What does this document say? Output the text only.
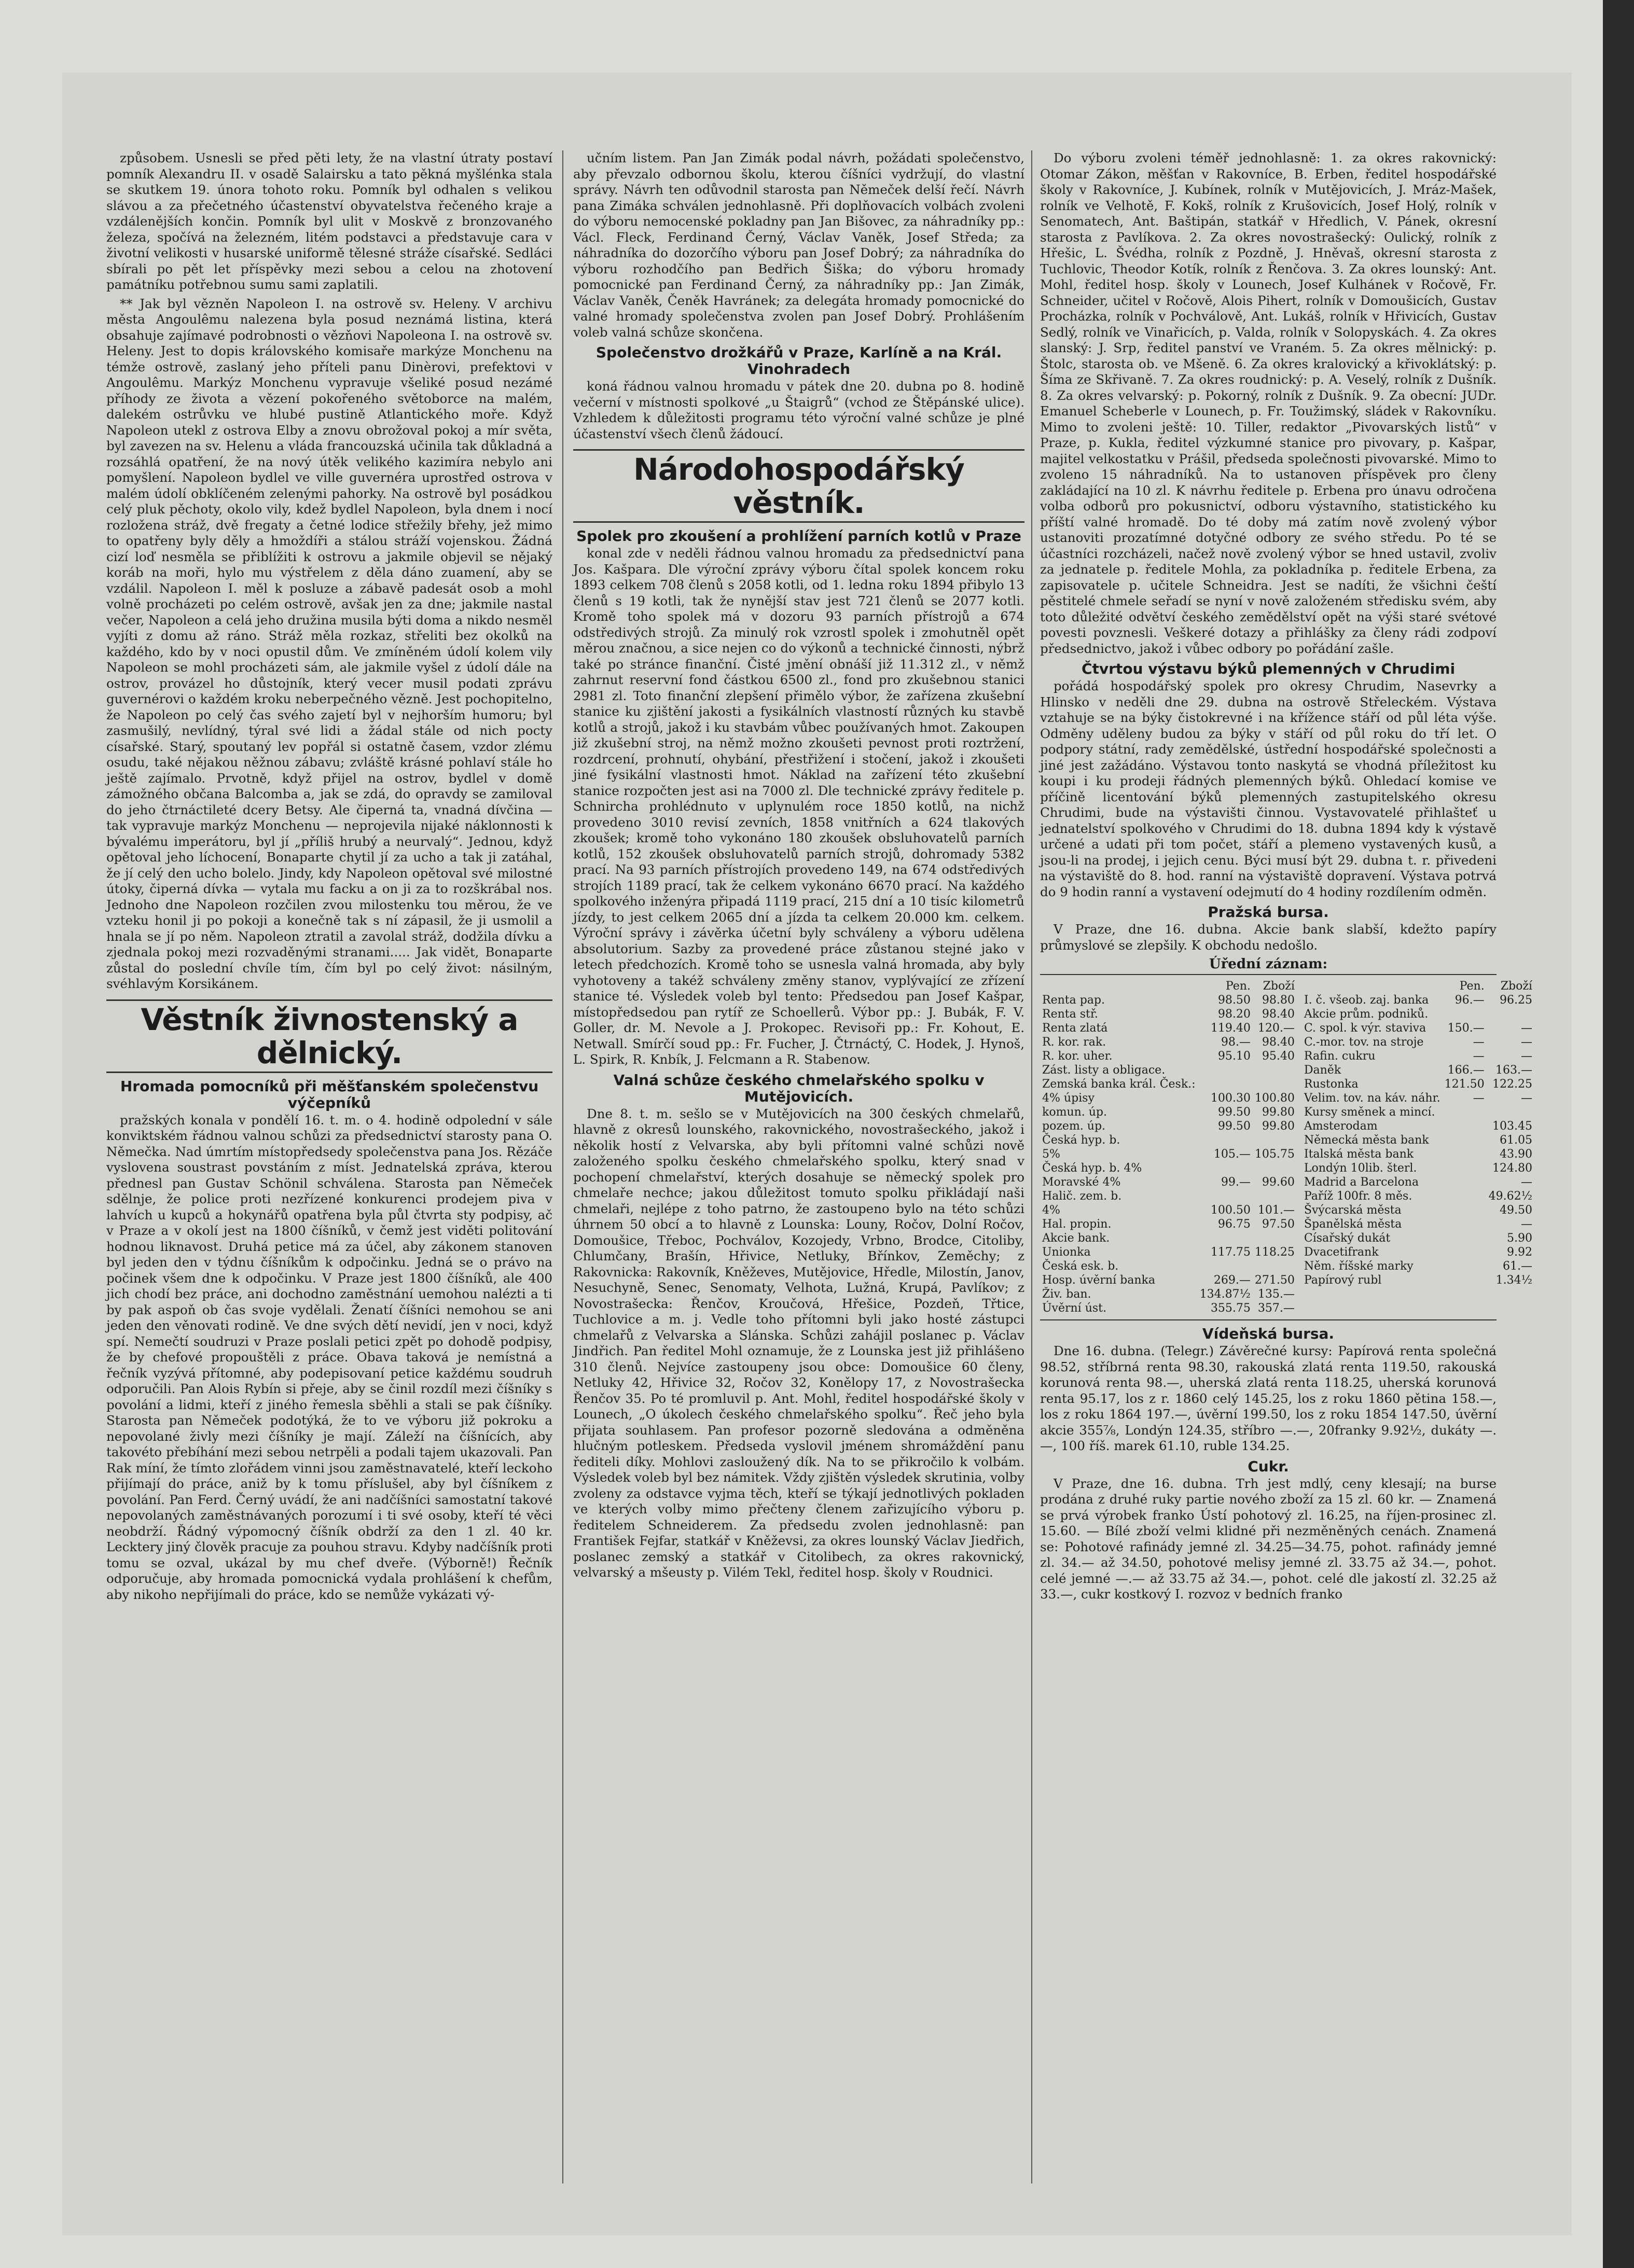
způsobem. Usnesli se před pěti lety, že na vlastní útraty postaví pomník Alexandru II. v osadě Salairsku a tato pěkná myšlénka stala se skutkem 19. února tohoto roku. Pomník byl odhalen s velikou slávou a za přečetného účastenství obyvatelstva řečeného kraje a vzdálenějších končin. Pomník byl ulit v Moskvě z bronzovaného železa, spočívá na železném, litém podstavci a představuje cara v životní velikosti v husarské uniformě tělesné stráže císařské. Sedláci sbírali po pět let příspěvky mezi sebou a celou na zhotovení památníku potřebnou sumu sami zaplatili.

** Jak byl vězněn Napoleon I. na ostrově sv. Heleny. V archivu města Angoulêmu nalezena byla posud neznámá listina, která obsahuje zajímavé podrobnosti o vězňovi Napoleona I. na ostrově sv. Heleny. Jest to dopis královského komisaře markýze Monchenu na témže ostrově, zaslaný jeho příteli panu Dinèrovi, prefektovi v Angoulêmu. Markýz Monchenu vypravuje všeliké posud nezámé příhody ze života a vězení pokořeného světoborce na malém, dalekém ostrůvku ve hlubé pustině Atlantického moře. Když Napoleon utekl z ostrova Elby a znovu obrožoval pokoj a mír světa, byl zavezen na sv. Helenu a vláda francouzská učinila tak důkladná a rozsáhlá opatření, že na nový útěk velikého kazimíra nebylo ani pomyšlení. Napoleon bydlel ve ville guvernéra uprostřed ostrova v malém údolí obklíčeném zelenými pahorky. Na ostrově byl posádkou celý pluk pěchoty, okolo vily, kdež bydlel Napoleon, byla dnem i nocí rozložena stráž, dvě fregaty a četné lodice střežily břehy, jež mimo to opatřeny byly děly a hmoždíři a stálou stráží vojenskou. Žádná cizí loď nesměla se přiblížiti k ostrovu a jakmile objevil se nějaký koráb na moři, hylo mu výstřelem z děla dáno zuamení, aby se vzdálil. Napoleon I. měl k posluze a zábavě padesát osob a mohl volně procházeti po celém ostrově, avšak jen za dne; jakmile nastal večer, Napoleon a celá jeho družina musila býti doma a nikdo nesměl vyjíti z domu až ráno. Stráž měla rozkaz, střeliti bez okolků na každého, kdo by v noci opustil dům. Ve zmíněném údolí kolem vily Napoleon se mohl procházeti sám, ale jakmile vyšel z údolí dále na ostrov, provázel ho důstojník, který vecer musil podati zprávu guvernérovi o každém kroku neberpečného vězně. Jest pochopitelno, že Napoleon po celý čas svého zajetí byl v nejhorším humoru; byl zasmušilý, nevlídný, týral své lidi a žádal stále od nich pocty císařské. Starý, spoutaný lev popřál si ostatně časem, vzdor zlému osudu, také nějakou něžnou zábavu; zvláště krásné pohlaví stále ho ještě zajímalo. Prvotně, když přijel na ostrov, bydlel v domě zámožného občana Balcomba a, jak se zdá, do opravdy se zamiloval do jeho čtrnáctileté dcery Betsy. Ale čiperná ta, vnadná dívčina — tak vypravuje markýz Monchenu — neprojevila nijaké náklonnosti k bývalému imperátoru, byl jí „příliš hrubý a neurvalý“. Jednou, když opětoval jeho líchocení, Bonaparte chytil jí za ucho a tak ji zatáhal, že jí celý den ucho bolelo. Jindy, kdy Napoleon opětoval své milostné útoky, čiperná dívka — vytala mu facku a on ji za to rozškrábal nos. Jednoho dne Napoleon rozčilen zvou milostenku tou měrou, že ve vzteku honil ji po pokoji a konečně tak s ní zápasil, že ji usmolil a hnala se jí po něm. Napoleon ztratil a zavolal stráž, dodžila dívku a zjednala pokoj mezi rozvaděnými stranami..... Jak vidět, Bonaparte zůstal do poslední chvíle tím, čím byl po celý život: násilným, svéhlavým Korsikánem.

Věstník živnostenský a dělnický.
Hromada pomocníků při měšťanském společenstvu výčepníků

pražských konala v pondělí 16. t. m. o 4. hodině odpolední v sále konviktském řádnou valnou schůzi za předsednictví starosty pana O. Němečka. Nad úmrtím místopředsedy společenstva pana Jos. Rězáče vyslovena soustrast povstáním z míst. Jednatelská zpráva, kterou přednesl pan Gustav Schönil schválena. Starosta pan Němeček sdělnje, že police proti nezřízené konkurenci prodejem piva v lahvích u kupců a hokynářů opatřena byla půl čtvrta sty podpisy, ač v Praze a v okolí jest na 1800 číšníků, v čemž jest viděti politování hodnou liknavost. Druhá petice má za účel, aby zákonem stanoven byl jeden den v týdnu číšníkům k odpočinku. Jedná se o právo na počinek všem dne k odpočinku. V Praze jest 1800 číšníků, ale 400 jich chodí bez práce, ani dochodno zaměstnání uemohou nalézti a ti by pak aspoň ob čas svoje vydělali. Ženatí číšníci nemohou se ani jeden den věnovati rodině. Ve dne svých dětí nevidí, jen v noci, když spí. Nemečtí soudruzi v Praze poslali petici zpět po dohodě podpisy, že by chefové propouštěli z práce. Obava taková je nemístná a řečník vyzývá přítomné, aby podepisovaní petice každému soudruh odporučili. Pan Alois Rybín si přeje, aby se činil rozdíl mezi číšníky s povolání a lidmi, kteří z jiného řemesla sběhli a stali se pak číšníky. Starosta pan Němeček podotýká, že to ve výboru již pokroku a nepovolané živly mezi číšníky je mají. Záleží na číšnících, aby takovéto přebíhání mezi sebou netrpěli a podali tajem ukazovali. Pan Rak míní, že tímto zlořádem vinni jsou zaměstnavatelé, kteří leckoho přijímají do práce, aniž by k tomu příslušel, aby byl číšníkem z povolání. Pan Ferd. Černý uvádí, že ani nadčíšníci samostatní takové nepovolaných zaměstnávaných porozumí i ti své osoby, kteří té věci neobdrží. Řádný výpomocný číšník obdrží za den 1 zl. 40 kr. Lecktery jiný člověk pracuje za pouhou stravu. Kdyby nadčíšník proti tomu se ozval, ukázal by mu chef dveře. (Výborně!) Řečník odporučuje, aby hromada pomocnická vydala prohlášení k chefům, aby nikoho nepřijímali do práce, kdo se nemůže vykázati vý-

učním listem. Pan Jan Zimák podal návrh, požádati společenstvo, aby převzalo odbornou školu, kterou číšníci vydržují, do vlastní správy. Návrh ten odůvodnil starosta pan Němeček delší řečí. Návrh pana Zimáka schválen jednohlasně. Při doplňovacích volbách zvoleni do výboru nemocenské pokladny pan Jan Bišovec, za náhradníky pp.: Václ. Fleck, Ferdinand Černý, Václav Vaněk, Josef Středa; za náhradníka do dozorčího výboru pan Josef Dobrý; za náhradníka do výboru rozhodčího pan Bedřich Šiška; do výboru hromady pomocnické pan Ferdinand Černý, za náhradníky pp.: Jan Zimák, Václav Vaněk, Čeněk Havránek; za delegáta hromady pomocnické do valné hromady společenstva zvolen pan Josef Dobrý. Prohlášením voleb valná schůze skončena.

Společenstvo drožkářů v Praze, Karlíně a na Král. Vinohradech

koná řádnou valnou hromadu v pátek dne 20. dubna po 8. hodině večerní v místnosti spolkové „u Štaigrů“ (vchod ze Štěpánské ulice). Vzhledem k důležitosti programu této výroční valné schůze je plné účastenství všech členů žádoucí.

Národohospodářský věstník.
Spolek pro zkoušení a prohlížení parních kotlů v Praze

konal zde v neděli řádnou valnou hromadu za předsednictví pana Jos. Kašpara. Dle výroční zprávy výboru čítal spolek koncem roku 1893 celkem 708 členů s 2058 kotli, od 1. ledna roku 1894 přibylo 13 členů s 19 kotli, tak že nynější stav jest 721 členů se 2077 kotli. Kromě toho spolek má v dozoru 93 parních přístrojů a 674 odstředivých strojů. Za minulý rok vzrostl spolek i zmohutněl opět měrou značnou, a sice nejen co do výkonů a technické činnosti, nýbrž také po stránce finanční. Čisté jmění obnáší již 11.312 zl., v němž zahrnut reservní fond částkou 6500 zl., fond pro zkušebnou stanici 2981 zl. Toto finanční zlepšení přimělo výbor, že zařízena zkušební stanice ku zjištění jakosti a fysikálních vlastností různých ku stavbě kotlů a strojů, jakož i ku stavbám vůbec používaných hmot. Zakoupen již zkušební stroj, na němž možno zkoušeti pevnost proti roztržení, rozdrcení, prohnutí, ohybání, přestřižení i stočení, jakož i zkoušeti jiné fysikální vlastnosti hmot. Náklad na zařízení této zkušební stanice rozpočten jest asi na 7000 zl. Dle technické zprávy ředitele p. Schnircha prohlédnuto v uplynulém roce 1850 kotlů, na nichž provedeno 3010 revisí zevních, 1858 vnitřních a 624 tlakových zkoušek; kromě toho vykonáno 180 zkoušek obsluhovatelů parních kotlů, 152 zkoušek obsluhovatelů parních strojů, dohromady 5382 prací. Na 93 parních přístrojích provedeno 149, na 674 odstředivých strojích 1189 prací, tak že celkem vykonáno 6670 prací. Na každého spolkového inženýra připadá 1119 prací, 215 dní a 10 tisíc kilometrů jízdy, to jest celkem 2065 dní a jízda ta celkem 20.000 km. celkem. Výroční správy i závěrka účetní byly schváleny a výboru udělena absolutorium. Sazby za provedené práce zůstanou stejné jako v letech předchozích. Kromě toho se usnesla valná hromada, aby byly vyhotoveny a takéž schváleny změny stanov, vyplývající ze zřízení stanice té. Výsledek voleb byl tento: Předsedou pan Josef Kašpar, místopředsedou pan rytíř ze Schoellerů. Výbor pp.: J. Bubák, F. V. Goller, dr. M. Nevole a J. Prokopec. Revisoři pp.: Fr. Kohout, E. Netwall. Smírčí soud pp.: Fr. Fucher, J. Čtrnáctý, C. Hodek, J. Hynoš, L. Spirk, R. Knbík, J. Felcmann a R. Stabenow.

Valná schůze českého chmelařského spolku v Mutějovicích.

Dne 8. t. m. sešlo se v Mutějovicích na 300 českých chmelařů, hlavně z okresů lounského, rakovnického, novostrašeckého, jakož i několik hostí z Velvarska, aby byli přítomni valné schůzi nově založeného spolku českého chmelařského spolku, který snad v pochopení chmelařství, kterých dosahuje se německý spolek pro chmelaře nechce; jakou důležitost tomuto spolku přikládají naši chmelaři, nejlépe z toho patrno, že zastoupeno bylo na této schůzi úhrnem 50 obcí a to hlavně z Lounska: Louny, Ročov, Dolní Ročov, Domoušice, Třeboc, Pochválov, Kozojedy, Vrbno, Brodce, Citoliby, Chlumčany, Brašín, Hřivice, Netluky, Břínkov, Zeměchy; z Rakovnicka: Rakovník, Kněževes, Mutějovice, Hředle, Milostín, Janov, Nesuchyně, Senec, Senomaty, Velhota, Lužná, Krupá, Pavlíkov; z Novostrašecka: Řenčov, Kroučová, Hřešice, Pozdeň, Třtice, Tuchlovice a m. j. Vedle toho přítomni byli jako hosté zástupci chmelařů z Velvarska a Slánska. Schůzi zahájil poslanec p. Václav Jindřich. Pan ředitel Mohl oznamuje, že z Lounska jest již přihlášeno 310 členů. Nejvíce zastoupeny jsou obce: Domoušice 60 členy, Netluky 42, Hřivice 32, Ročov 32, Konělopy 17, z Novostrašecka Řenčov 35. Po té promluvil p. Ant. Mohl, ředitel hospodářské školy v Lounech, „O úkolech českého chmelařského spolku“. Řeč jeho byla přijata souhlasem. Pan profesor pozorně sledována a odměněna hlučným potleskem. Předseda vyslovil jménem shromáždění panu řediteli díky. Mohlovi zasloužený dík. Na to se přikročilo k volbám. Výsledek voleb byl bez námitek. Vždy zjištěn výsledek skrutinia, volby zvoleny za odstavce vyjma těch, kteří se týkají jednotlivých pokladen ve kterých volby mimo přečteny členem zařizujícího výboru p. ředitelem Schneiderem. Za předsedu zvolen jednohlasně: pan František Fejfar, statkář v Kněževsi, za okres lounský Václav Jiedřich, poslanec zemský a statkář v Citolibech, za okres rakovnický, velvarský a mšeusty p. Vilém Tekl, ředitel hosp. školy v Roudnici.

Do výboru zvoleni téměř jednohlasně: 1. za okres rakovnický: Otomar Zákon, měšťan v Rakovníce, B. Erben, ředitel hospodářské školy v Rakovníce, J. Kubínek, rolník v Mutějovicích, J. Mráz-Mašek, rolník ve Velhotě, F. Kokš, rolník z Krušovicích, Josef Holý, rolník v Senomatech, Ant. Baštipán, statkář v Hředlich, V. Pánek, okresní starosta z Pavlíkova. 2. Za okres novostrašecký: Oulický, rolník z Hřešic, L. Švédha, rolník z Pozdně, J. Hněvaš, okresní starosta z Tuchlovic, Theodor Kotík, rolník z Řenčova. 3. Za okres lounský: Ant. Mohl, ředitel hosp. školy v Lounech, Josef Kulhánek v Ročově, Fr. Schneider, učitel v Ročově, Alois Pihert, rolník v Domoušicích, Gustav Procházka, rolník v Pochválově, Ant. Lukáš, rolník v Hřivicích, Gustav Sedlý, rolník ve Vinařicích, p. Valda, rolník v Solopyskách. 4. Za okres slanský: J. Srp, ředitel panství ve Vraném. 5. Za okres mělnický: p. Štolc, starosta ob. ve Mšeně. 6. Za okres kralovický a křivoklátský: p. Šíma ze Skřivaně. 7. Za okres roudnický: p. A. Veselý, rolník z Dušník. 8. Za okres velvarský: p. Pokorný, rolník z Dušník. 9. Za obecní: JUDr. Emanuel Scheberle v Lounech, p. Fr. Toužimský, sládek v Rakovníku. Mimo to zvoleni ještě: 10. Tiller, redaktor „Pivovarských listů“ v Praze, p. Kukla, ředitel výzkumné stanice pro pivovary, p. Kašpar, majitel velkostatku v Prášil, předseda společnosti pivovarské. Mimo to zvoleno 15 náhradníků. Na to ustanoven příspěvek pro členy zakládající na 10 zl. K návrhu ředitele p. Erbena pro únavu odročena volba odborů pro pokusnictví, odboru výstavního, statistického ku příští valné hromadě. Do té doby má zatím nově zvolený výbor ustanoviti prozatímné dotyčné odbory ze svého středu. Po té se účastníci rozcházeli, načež nově zvolený výbor se hned ustavil, zvoliv za jednatele p. ředitele Mohla, za pokladníka p. ředitele Erbena, za zapisovatele p. učitele Schneidra. Jest se nadíti, že všichni čeští pěstitelé chmele seřadí se nyní v nově založeném středisku svém, aby toto důležité odvětví českého zemědělství opět na výši staré svétové povesti povznesli. Veškeré dotazy a přihlášky za členy rádi zodpoví předsednictvo, jakož i vůbec odbory po pořádání zašle.

Čtvrtou výstavu býků plemenných v Chrudimi

pořádá hospodářský spolek pro okresy Chrudim, Nasevrky a Hlinsko v neděli dne 29. dubna na ostrově Střeleckém. Výstava vztahuje se na býky čistokrevné i na křížence stáří od půl léta výše. Odměny uděleny budou za býky v stáří od půl roku do tří let. O podpory státní, rady zemědělské, ústřední hospodářské společnosti a jiné jest zažádáno. Výstavou tonto naskytá se vhodná příležitost ku koupi i ku prodeji řádných plemenných býků. Ohledací komise ve příčině licentování býků plemenných zastupitelského okresu Chrudimi, bude na výstavišti činnou. Vystavovatelé přihlašteť u jednatelství spolkového v Chrudimi do 18. dubna 1894 kdy k výstavě určené a udati při tom počet, stáří a plemeno vystavených kusů, a jsou-li na prodej, i jejich cenu. Býci musí být 29. dubna t. r. přivedeni na výstaviště do 8. hod. ranní na výstaviště dopravení. Výstava potrvá do 9 hodin ranní a vystavení odejmutí do 4 hodiny rozdílením odměn.

Pražská bursa.

V Praze, dne 16. dubna. Akcie bank slabší, kdežto papíry průmyslové se zlepšily. K obchodu nedošlo.

Úřední záznam:
	Pen.	Zboží
Renta pap.	98.50	98.80
Renta stř.	98.20	98.40
Renta zlatá	119.40	120.—
R. kor. rak.	98.—	98.40
R. kor. uher.	95.10	95.40
Zást. listy a obligace.		
Zemská banka král. Česk.:		
4% úpisy	100.30	100.80
komun. úp.	99.50	99.80
pozem. úp.	99.50	99.80
Česká hyp. b.		
5%	105.—	105.75
Česká hyp. b. 4%		
Moravské 4%	99.—	99.60
Halič. zem. b.		
4%	100.50	101.—
Hal. propin.	96.75	97.50
Akcie bank.		
Unionka	117.75	118.25
Česká esk. b.		
Hosp. úvěrní banka	269.—	271.50
Živ. ban.	134.87½	135.—
Úvěrní úst.	355.75	357.—
	Pen.	Zboží
I. č. všeob. zaj. banka	96.—	96.25
Akcie prům. podniků.		
C. spol. k výr. stavivа	150.—	—
C.-mor. tov. na stroje	—	—
Rafin. cukru	—	—
Daněk	166.—	163.—
Rustonka	121.50	122.25
Velim. tov. na káv. náhr.	—	—
Kursy směnek a mincí.		
Amsterodam		103.45
Německá města bank		61.05
Italská města bank		43.90
Londýn 10lib. šterl.		124.80
Madrid a Barcelona		—
Paříž 100fr. 8 měs.		49.62½
Švýcarská města		49.50
Španělská města		—
Císařský dukát		5.90
Dvacetifrank		9.92
Něm. říšské marky		61.—
Papírový rubl		1.34½
Vídeňská bursa.

Dne 16. dubna. (Telegr.) Závěrečné kursy: Papírová renta společná 98.52, stříbrná renta 98.30, rakouská zlatá renta 119.50, rakouská korunová renta 98.—, uherská zlatá renta 118.25, uherská korunová renta 95.17, los z r. 1860 celý 145.25, los z roku 1860 pětina 158.—, los z roku 1864 197.—, úvěrní 199.50, los z roku 1854 147.50, úvěrní akcie 355⅞, Londýn 124.35, stříbro —.—, 20franky 9.92½, dukáty —.—, 100 říš. marek 61.10, ruble 134.25.

Cukr.

V Praze, dne 16. dubna. Trh jest mdlý, ceny klesají; na burse prodána z druhé ruky partie nového zboží za 15 zl. 60 kr. — Znamená se prvá výrobek franko Ústí pohotový zl. 16.25, na říjen-prosinec zl. 15.60. — Bílé zboží velmi klidné při nezměněných cenách. Znamená se: Pohotové rafinády jemné zl. 34.25—34.75, pohot. rafinády jemné zl. 34.— až 34.50, pohotové melisy jemné zl. 33.75 až 34.—, pohot. celé jemné —.— až 33.75 až 34.—, pohot. celé dle jakostí zl. 32.25 až 33.—, cukr kostkový I. rozvoz v bedních franko
